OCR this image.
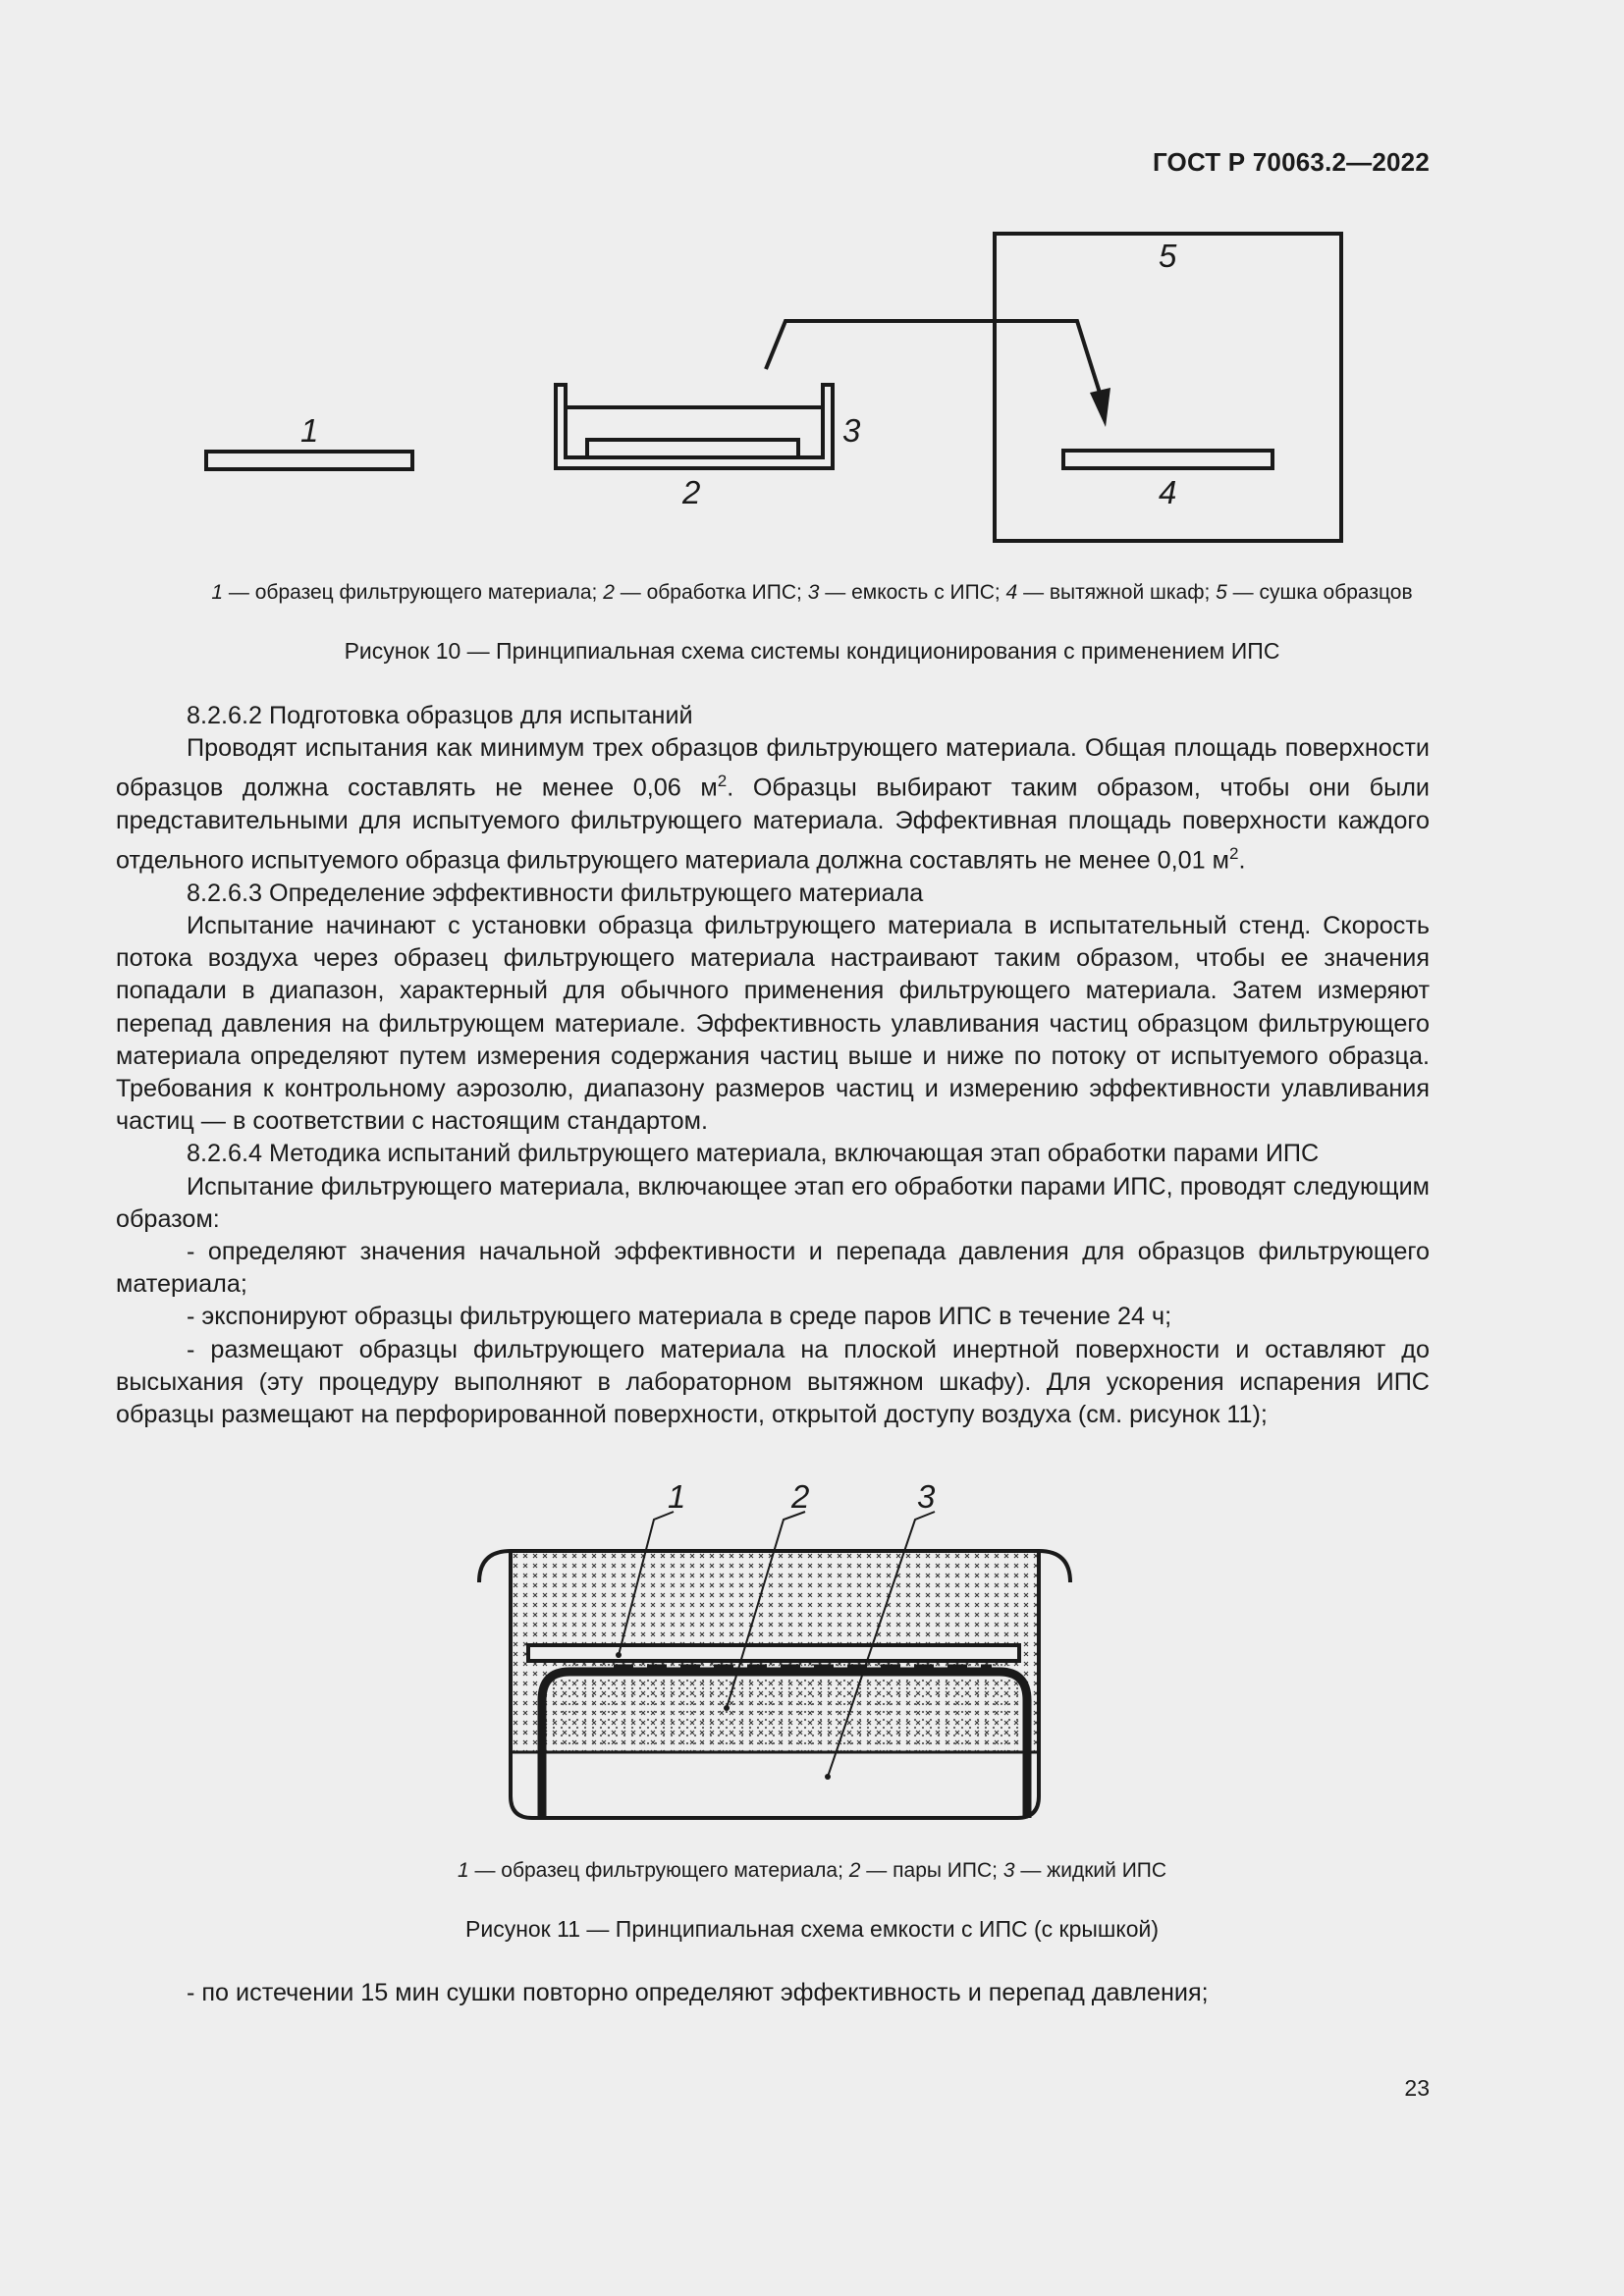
ГОСТ Р 70063.2—2022
1
2
3
4
5
1 — образец фильтрующего материала; 2 — обработка ИПС; 3 — емкость с ИПС; 4 — вытяжной шкаф; 5 — сушка образцов
Рисунок 10 — Принципиальная схема системы кондиционирования с применением ИПС

8.2.6.2 Подготовка образцов для испытаний

Проводят испытания как минимум трех образцов фильтрующего материала. Общая площадь поверхности образцов должна составлять не менее 0,06 $м^2$. Образцы выбирают таким образом, чтобы они были представительными для испытуемого фильтрующего материала. Эффективная площадь поверхности каждого отдельного испытуемого образца фильтрующего материала должна составлять не менее 0,01 $м^2$.

8.2.6.3 Определение эффективности фильтрующего материала

Испытание начинают с установки образца фильтрующего материала в испытательный стенд. Скорость потока воздуха через образец фильтрующего материала настраивают таким образом, чтобы ее значения попадали в диапазон, характерный для обычного применения фильтрующего материала. Затем измеряют перепад давления на фильтрующем материале. Эффективность улавливания частиц образцом фильтрующего материала определяют путем измерения содержания частиц выше и ниже по потоку от испытуемого образца. Требования к контрольному аэрозолю, диапазону размеров частиц и измерению эффективности улавливания частиц — в соответствии с настоящим стандартом.

8.2.6.4 Методика испытаний фильтрующего материала, включающая этап обработки парами ИПС

Испытание фильтрующего материала, включающее этап его обработки парами ИПС, проводят следующим образом:

- определяют значения начальной эффективности и перепада давления для образцов фильтрующего материала;

- экспонируют образцы фильтрующего материала в среде паров ИПС в течение 24 ч;

- размещают образцы фильтрующего материала на плоской инертной поверхности и оставляют до высыхания (эту процедуру выполняют в лабораторном вытяжном шкафу). Для ускорения испарения ИПС образцы размещают на перфорированной поверхности, открытой доступу воздуха (см. рисунок 11);

1	2	3
1 — образец фильтрующего материала; 2 — пары ИПС; 3 — жидкий ИПС
Рисунок 11 — Принципиальная схема емкости с ИПС (с крышкой)

- по истечении 15 мин сушки повторно определяют эффективность и перепад давления;

23
